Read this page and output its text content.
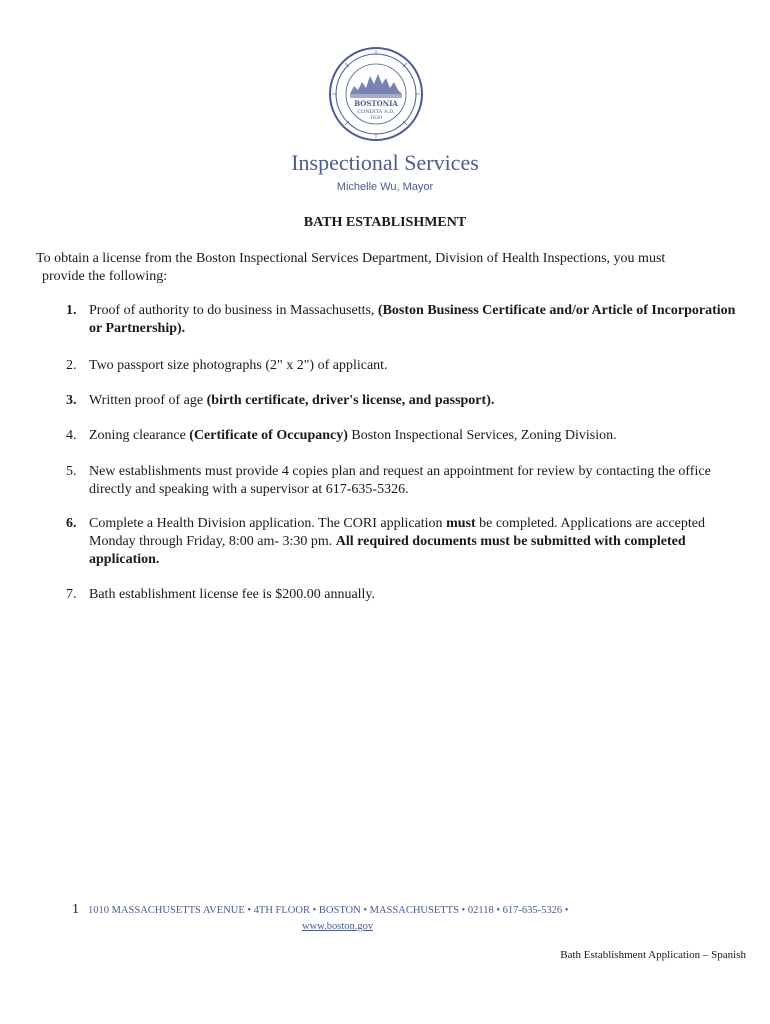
BOSTONIA
CONDITA A.D.
1630
Inspectional Services
Michelle Wu, Mayor
BATH ESTABLISHMENT
To obtain a license from the Boston Inspectional Services Department, Division of Health Inspections, you must
provide the following:
1. Proof of authority to do business in Massachusetts, (Boston Business Certificate and/or Article of Incorporation or Partnership).
2. Two passport size photographs (2" x 2") of applicant.
3. Written proof of age (birth certificate, driver's license, and passport).
4. Zoning clearance (Certificate of Occupancy) Boston Inspectional Services, Zoning Division.
5. New establishments must provide 4 copies plan and request an appointment for review by contacting the office directly and speaking with a supervisor at 617-635-5326.
6. Complete a Health Division application. The CORI application must be completed. Applications are accepted Monday through Friday, 8:00 am- 3:30 pm. All required documents must be submitted with completed application.
7. Bath establishment license fee is $200.00 annually.
1 1010 MASSACHUSETTS AVENUE • 4TH FLOOR • BOSTON • MASSACHUSETTS • 02118 • 617-635-5326 •
www.boston.gov
Bath Establishment Application – Spanish
